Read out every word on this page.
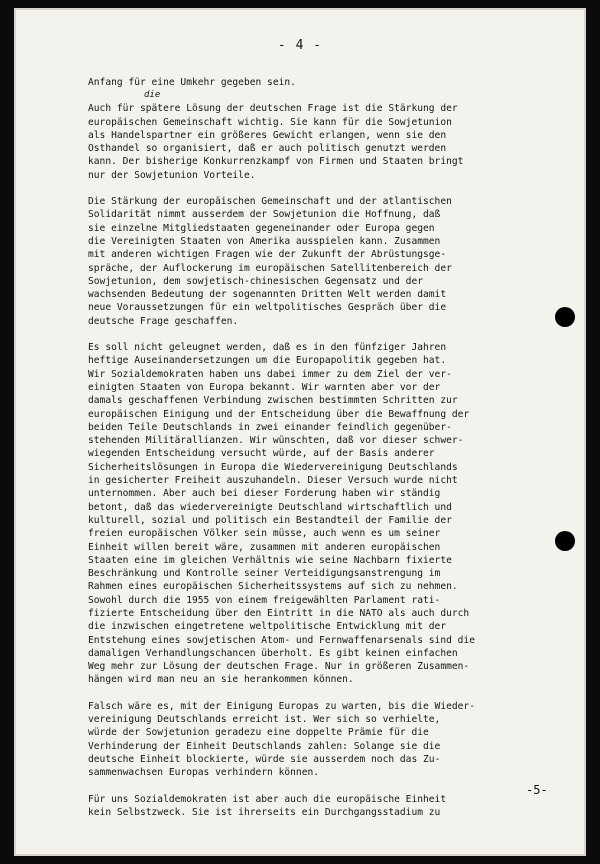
- 4 -
die

Anfang für eine Umkehr gegeben sein.

Auch für spätere Lösung der deutschen Frage ist die Stärkung der
europäischen Gemeinschaft wichtig. Sie kann für die Sowjetunion
als Handelspartner ein größeres Gewicht erlangen, wenn sie den
Osthandel so organisiert, daß er auch politisch genutzt werden
kann. Der bisherige Konkurrenzkampf von Firmen und Staaten bringt
nur der Sowjetunion Vorteile.

Die Stärkung der europäischen Gemeinschaft und der atlantischen
Solidarität nimmt ausserdem der Sowjetunion die Hoffnung, daß
sie einzelne Mitgliedstaaten gegeneinander oder Europa gegen
die Vereinigten Staaten von Amerika ausspielen kann. Zusammen
mit anderen wichtigen Fragen wie der Zukunft der Abrüstungsge-
spräche, der Auflockerung im europäischen Satellitenbereich der
Sowjetunion, dem sowjetisch-chinesischen Gegensatz und der
wachsenden Bedeutung der sogenannten Dritten Welt werden damit
neue Voraussetzungen für ein weltpolitisches Gespräch über die
deutsche Frage geschaffen.

Es soll nicht geleugnet werden, daß es in den fünfziger Jahren
heftige Auseinandersetzungen um die Europapolitik gegeben hat.
Wir Sozialdemokraten haben uns dabei immer zu dem Ziel der ver-
einigten Staaten von Europa bekannt. Wir warnten aber vor der
damals geschaffenen Verbindung zwischen bestimmten Schritten zur
europäischen Einigung und der Entscheidung über die Bewaffnung der
beiden Teile Deutschlands in zwei einander feindlich gegenüber-
stehenden Militärallianzen. Wir wünschten, daß vor dieser schwer-
wiegenden Entscheidung versucht würde, auf der Basis anderer
Sicherheitslösungen in Europa die Wiedervereinigung Deutschlands
in gesicherter Freiheit auszuhandeln. Dieser Versuch wurde nicht
unternommen. Aber auch bei dieser Forderung haben wir ständig
betont, daß das wiedervereinigte Deutschland wirtschaftlich und
kulturell, sozial und politisch ein Bestandteil der Familie der
freien europäischen Völker sein müsse, auch wenn es um seiner
Einheit willen bereit wäre, zusammen mit anderen europäischen
Staaten eine im gleichen Verhältnis wie seine Nachbarn fixierte
Beschränkung und Kontrolle seiner Verteidigungsanstrengung im
Rahmen eines europäischen Sicherheitssystems auf sich zu nehmen.
Sowohl durch die 1955 von einem freigewählten Parlament rati-
fizierte Entscheidung über den Eintritt in die NATO als auch durch
die inzwischen eingetretene weltpolitische Entwicklung mit der
Entstehung eines sowjetischen Atom- und Fernwaffenarsenals sind die
damaligen Verhandlungschancen überholt. Es gibt keinen einfachen
Weg mehr zur Lösung der deutschen Frage. Nur in größeren Zusammen-
hängen wird man neu an sie herankommen können.

Falsch wäre es, mit der Einigung Europas zu warten, bis die Wieder-
vereinigung Deutschlands erreicht ist. Wer sich so verhielte,
würde der Sowjetunion geradezu eine doppelte Prämie für die
Verhinderung der Einheit Deutschlands zahlen: Solange sie die
deutsche Einheit blockierte, würde sie ausserdem noch das Zu-
sammenwachsen Europas verhindern können.

Für uns Sozialdemokraten ist aber auch die europäische Einheit
kein Selbstzweck. Sie ist ihrerseits ein Durchgangsstadium zu

-5-
